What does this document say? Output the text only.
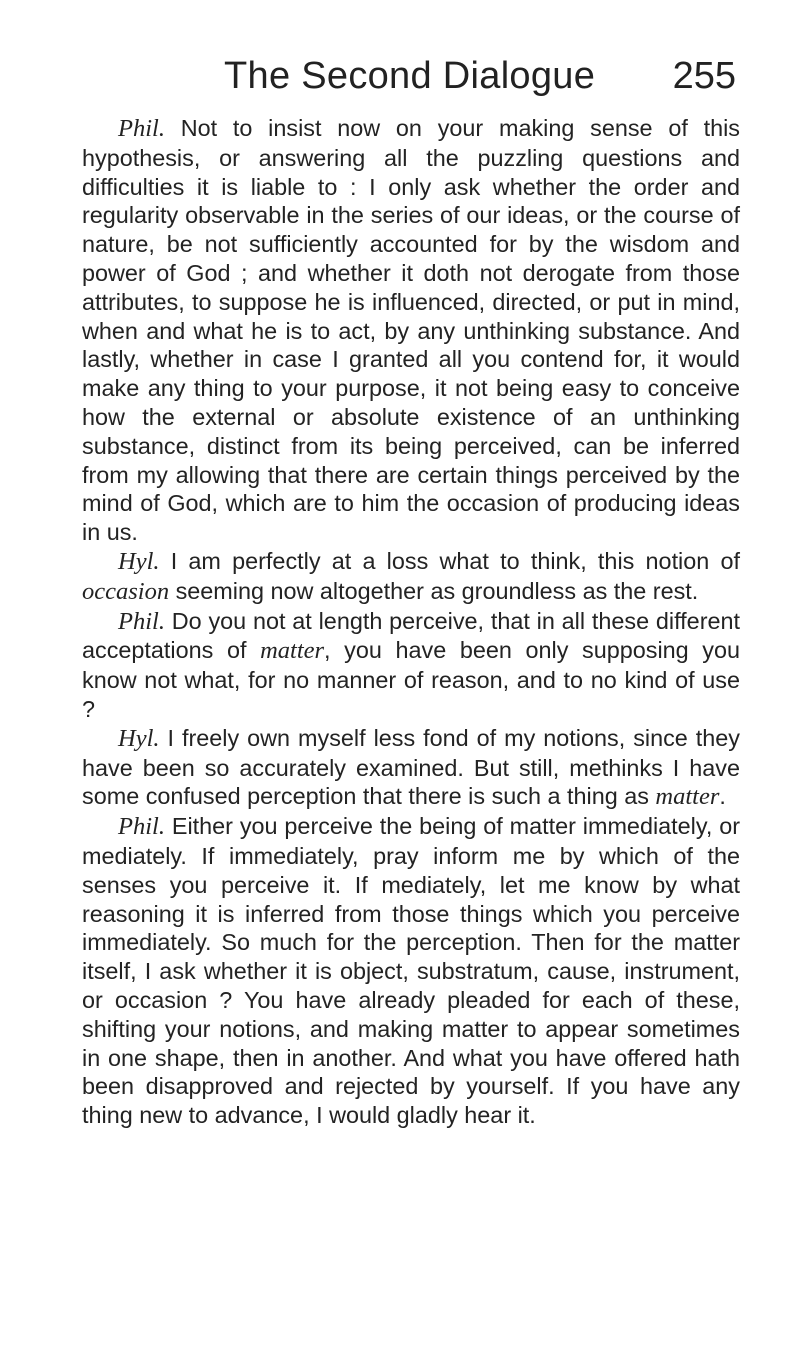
The Second Dialogue 255

Phil. Not to insist now on your making sense of this hypothesis, or answering all the puzzling questions and difficulties it is liable to : I only ask whether the order and regularity observable in the series of our ideas, or the course of nature, be not sufficiently accounted for by the wisdom and power of God ; and whether it doth not derogate from those attributes, to suppose he is influenced, directed, or put in mind, when and what he is to act, by any unthinking substance. And lastly, whether in case I granted all you contend for, it would make any thing to your purpose, it not being easy to conceive how the external or absolute existence of an unthinking substance, distinct from its being perceived, can be inferred from my allowing that there are certain things perceived by the mind of God, which are to him the occasion of producing ideas in us.

Hyl. I am perfectly at a loss what to think, this notion of occasion seeming now altogether as groundless as the rest.

Phil. Do you not at length perceive, that in all these different acceptations of matter, you have been only supposing you know not what, for no manner of reason, and to no kind of use ?

Hyl. I freely own myself less fond of my notions, since they have been so accurately examined. But still, methinks I have some confused perception that there is such a thing as matter.

Phil. Either you perceive the being of matter immediately, or mediately. If immediately, pray inform me by which of the senses you perceive it. If mediately, let me know by what reasoning it is inferred from those things which you perceive immediately. So much for the perception. Then for the matter itself, I ask whether it is object, substratum, cause, instrument, or occasion ? You have already pleaded for each of these, shifting your notions, and making matter to appear sometimes in one shape, then in another. And what you have offered hath been disapproved and rejected by yourself. If you have any thing new to advance, I would gladly hear it.
